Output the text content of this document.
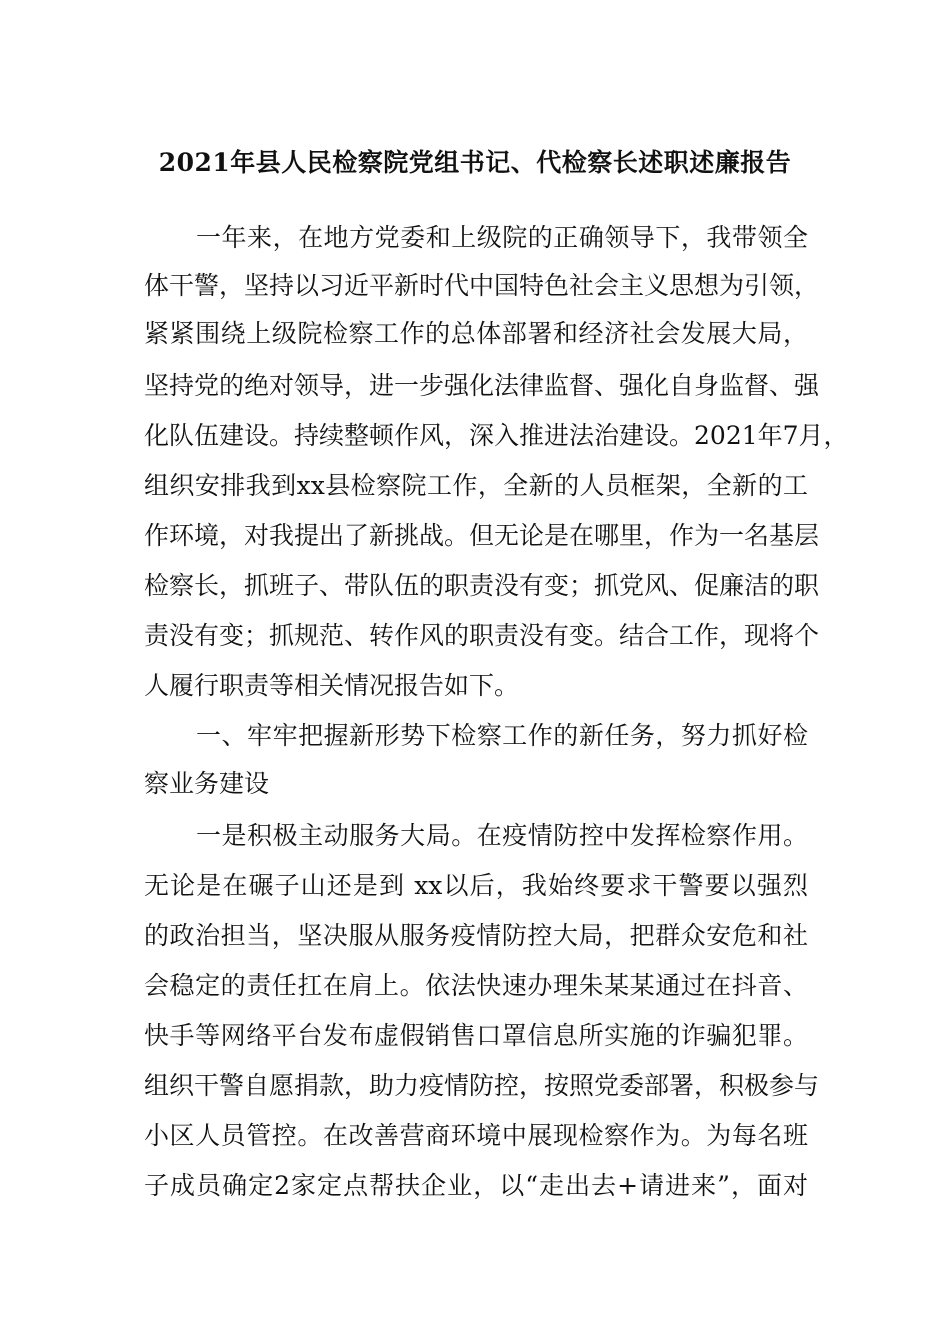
2021年县人民检察院党组书记、代检察长述职述廉报告
一年来，在地方党委和上级院的正确领导下，我带领全
体干警，坚持以习近平新时代中国特色社会主义思想为引领，
紧紧围绕上级院检察工作的总体部署和经济社会发展大局，
坚持党的绝对领导，进一步强化法律监督、强化自身监督、强
化队伍建设。持续整顿作风，深入推进法治建设。2021年7月，
组织安排我到xx县检察院工作，全新的人员框架，全新的工
作环境，对我提出了新挑战。但无论是在哪里，作为一名基层
检察长，抓班子、带队伍的职责没有变；抓党风、促廉洁的职
责没有变；抓规范、转作风的职责没有变。结合工作，现将个
人履行职责等相关情况报告如下。
一、牢牢把握新形势下检察工作的新任务，努力抓好检
察业务建设
一是积极主动服务大局。在疫情防控中发挥检察作用。
无论是在碾子山还是到 xx以后，我始终要求干警要以强烈
的政治担当，坚决服从服务疫情防控大局，把群众安危和社
会稳定的责任扛在肩上。依法快速办理朱某某通过在抖音、
快手等网络平台发布虚假销售口罩信息所实施的诈骗犯罪。
组织干警自愿捐款，助力疫情防控，按照党委部署，积极参与
小区人员管控。在改善营商环境中展现检察作为。为每名班
子成员确定2家定点帮扶企业，以“走出去+请进来”，面对
